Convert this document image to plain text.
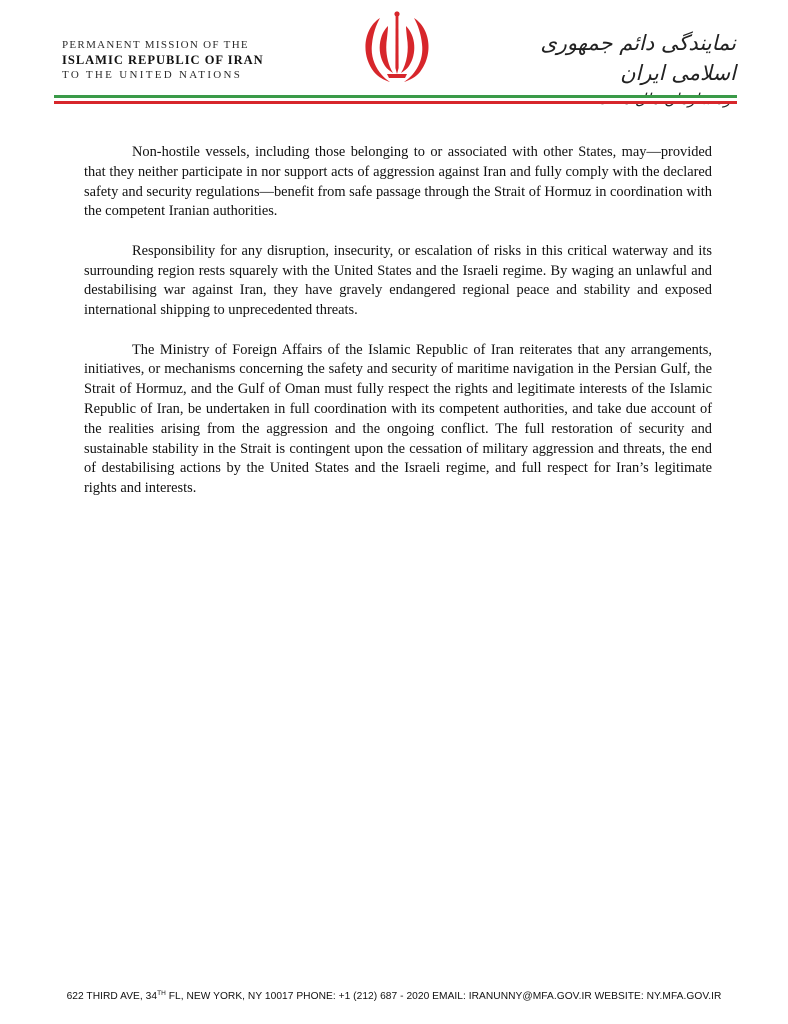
PERMANENT MISSION OF THE
ISLAMIC REPUBLIC OF IRAN
TO THE UNITED NATIONS
نمایندگی دائم جمهوری اسلامی ایران

Non-hostile vessels, including those belonging to or associated with other States, may—provided that they neither participate in nor support acts of aggression against Iran and fully comply with the declared safety and security regulations—benefit from safe passage through the Strait of Hormuz in coordination with the competent Iranian authorities.

Responsibility for any disruption, insecurity, or escalation of risks in this critical waterway and its surrounding region rests squarely with the United States and the Israeli regime. By waging an unlawful and destabilising war against Iran, they have gravely endangered regional peace and stability and exposed international shipping to unprecedented threats.

The Ministry of Foreign Affairs of the Islamic Republic of Iran reiterates that any arrangements, initiatives, or mechanisms concerning the safety and security of maritime navigation in the Persian Gulf, the Strait of Hormuz, and the Gulf of Oman must fully respect the rights and legitimate interests of the Islamic Republic of Iran, be undertaken in full coordination with its competent authorities, and take due account of the realities arising from the aggression and the ongoing conflict. The full restoration of security and sustainable stability in the Strait is contingent upon the cessation of military aggression and threats, the end of destabilising actions by the United States and the Israeli regime, and full respect for Iran’s legitimate rights and interests.

622 THIRD AVE, 34TH FL, NEW YORK, NY 10017 PHONE: +1 (212) 687 - 2020 EMAIL: IRANUNNY@MFA.GOV.IR WEBSITE: NY.MFA.GOV.IR
